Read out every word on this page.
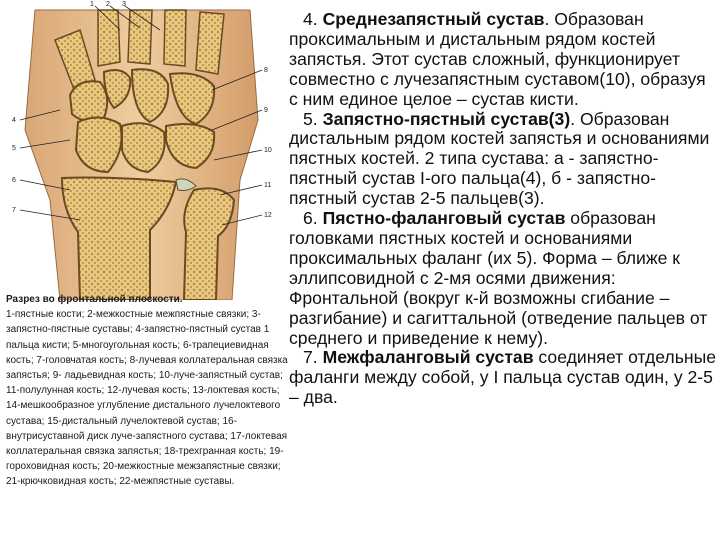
1 2 3
4
5
6
7
8
9
10
11
12
Разрез во фронтальной плоскости.
1-пястные кости; 2-межкостные межпястные связки; 3-запястно-пястные суставы; 4-запястно-пястный сустав 1 пальца кисти; 5-многоугольная кость; 6-трапециевидная кость; 7-головчатая кость; 8-лучевая коллатеральная связка запястья; 9- ладьевидная кость; 10-луче-запястный сустав; 11-полулунная кость; 12-лучевая кость; 13-локтевая кость; 14-мешкообразное углубление дистального лучелоктевого сустава; 15-дистальный лучелоктевой сустав; 16-внутрисуставной диск луче-запястного сустава; 17-локтевая коллатеральная связка запястья; 18-трехгранная кость; 19-гороховидная кость; 20-межкостные межзапястные связки; 21-крючковидная кость; 22-межпястные суставы.

4. Среднезапястный сустав. Образован проксимальным и дистальным рядом костей запястья. Этот сустав сложный, функционирует совместно с лучезапястным суставом(10), образуя с ним единое целое – сустав кисти.

5. Запястно-пястный сустав(3). Образован дистальным рядом костей запястья и основаниями пястных костей. 2 типа сустава: а - запястно-пястный сустав I-ого пальца(4), б - запястно-пястный сустав 2-5 пальцев(3).

6. Пястно-фаланговый сустав образован головками пястных костей и основаниями проксимальных фаланг (их 5). Форма – ближе к эллипсовидной с 2-мя осями движения: Фронтальной (вокруг к-й возможны сгибание – разгибание) и сагиттальной (отведение пальцев от среднего и приведение к нему).

7. Межфаланговый сустав соединяет отдельные фаланги между собой, у I пальца сустав один, у 2-5 – два.
